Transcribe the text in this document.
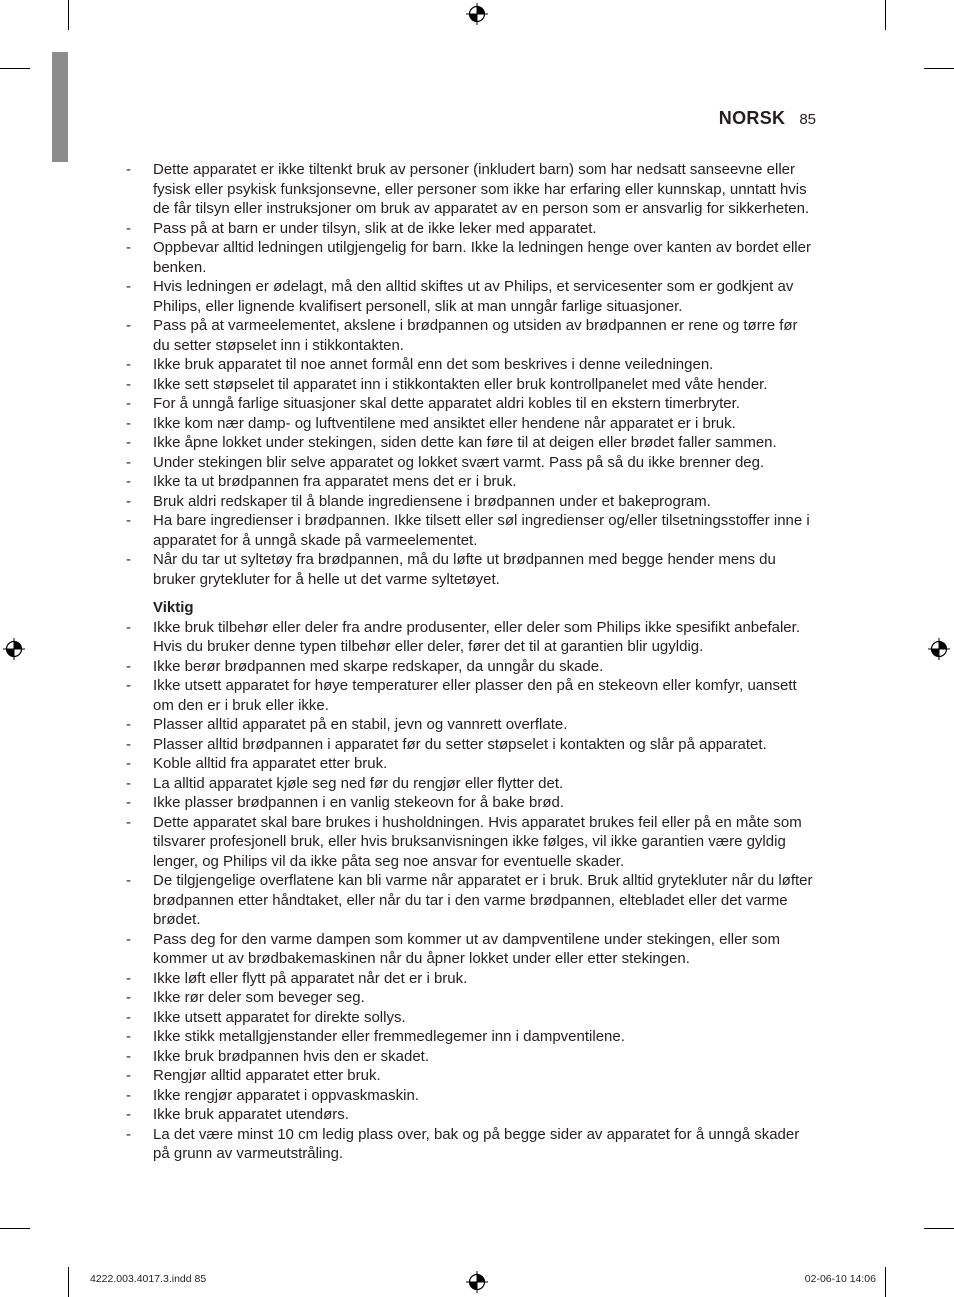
NORSK 85
- Dette apparatet er ikke tiltenkt bruk av personer (inkludert barn) som har nedsatt sanseevne eller fysisk eller psykisk funksjonsevne, eller personer som ikke har erfaring eller kunnskap, unntatt hvis de får tilsyn eller instruksjoner om bruk av apparatet av en person som er ansvarlig for sikkerheten.
- Pass på at barn er under tilsyn, slik at de ikke leker med apparatet.
- Oppbevar alltid ledningen utilgjengelig for barn. Ikke la ledningen henge over kanten av bordet eller benken.
- Hvis ledningen er ødelagt, må den alltid skiftes ut av Philips, et servicesenter som er godkjent av Philips, eller lignende kvalifisert personell, slik at man unngår farlige situasjoner.
- Pass på at varmeelementet, akslene i brødpannen og utsiden av brødpannen er rene og tørre før du setter støpselet inn i stikkontakten.
- Ikke bruk apparatet til noe annet formål enn det som beskrives i denne veiledningen.
- Ikke sett støpselet til apparatet inn i stikkontakten eller bruk kontrollpanelet med våte hender.
- For å unngå farlige situasjoner skal dette apparatet aldri kobles til en ekstern timerbryter.
- Ikke kom nær damp- og luftventilene med ansiktet eller hendene når apparatet er i bruk.
- Ikke åpne lokket under stekingen, siden dette kan føre til at deigen eller brødet faller sammen.
- Under stekingen blir selve apparatet og lokket svært varmt. Pass på så du ikke brenner deg.
- Ikke ta ut brødpannen fra apparatet mens det er i bruk.
- Bruk aldri redskaper til å blande ingrediensene i brødpannen under et bakeprogram.
- Ha bare ingredienser i brødpannen. Ikke tilsett eller søl ingredienser og/eller tilsetningsstoffer inne i apparatet for å unngå skade på varmeelementet.
- Når du tar ut syltetøy fra brødpannen, må du løfte ut brødpannen med begge hender mens du bruker grytekluter for å helle ut det varme syltetøyet.
Viktig
- Ikke bruk tilbehør eller deler fra andre produsenter, eller deler som Philips ikke spesifikt anbefaler. Hvis du bruker denne typen tilbehør eller deler, fører det til at garantien blir ugyldig.
- Ikke berør brødpannen med skarpe redskaper, da unngår du skade.
- Ikke utsett apparatet for høye temperaturer eller plasser den på en stekeovn eller komfyr, uansett om den er i bruk eller ikke.
- Plasser alltid apparatet på en stabil, jevn og vannrett overflate.
- Plasser alltid brødpannen i apparatet før du setter støpselet i kontakten og slår på apparatet.
- Koble alltid fra apparatet etter bruk.
- La alltid apparatet kjøle seg ned før du rengjør eller flytter det.
- Ikke plasser brødpannen i en vanlig stekeovn for å bake brød.
- Dette apparatet skal bare brukes i husholdningen. Hvis apparatet brukes feil eller på en måte som tilsvarer profesjonell bruk, eller hvis bruksanvisningen ikke følges, vil ikke garantien være gyldig lenger, og Philips vil da ikke påta seg noe ansvar for eventuelle skader.
- De tilgjengelige overflatene kan bli varme når apparatet er i bruk. Bruk alltid grytekluter når du løfter brødpannen etter håndtaket, eller når du tar i den varme brødpannen, eltebladet eller det varme brødet.
- Pass deg for den varme dampen som kommer ut av dampventilene under stekingen, eller som kommer ut av brødbakemaskinen når du åpner lokket under eller etter stekingen.
- Ikke løft eller flytt på apparatet når det er i bruk.
- Ikke rør deler som beveger seg.
- Ikke utsett apparatet for direkte sollys.
- Ikke stikk metallgjenstander eller fremmedlegemer inn i dampventilene.
- Ikke bruk brødpannen hvis den er skadet.
- Rengjør alltid apparatet etter bruk.
- Ikke rengjør apparatet i oppvaskmaskin.
- Ikke bruk apparatet utendørs.
- La det være minst 10 cm ledig plass over, bak og på begge sider av apparatet for å unngå skader på grunn av varmeutstråling.
4222.003.4017.3.indd 85	02-06-10 14:06
